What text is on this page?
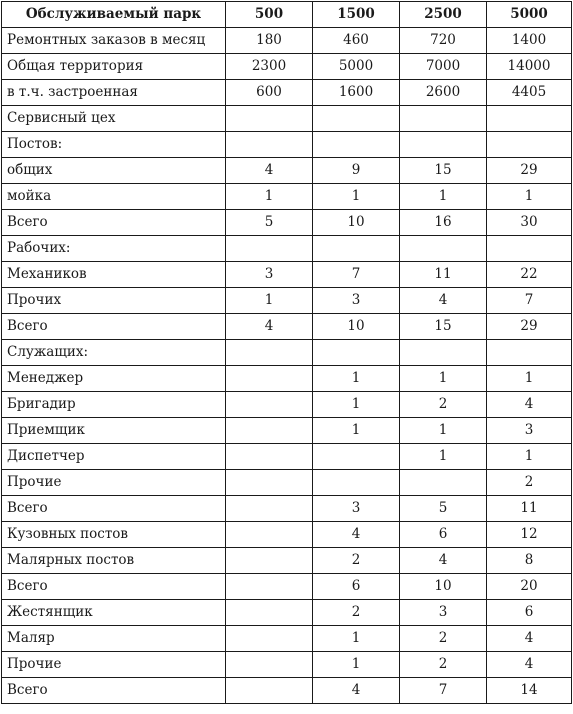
Обслуживаемый парк	500	1500	2500	5000
Ремонтных заказов в месяц	180	460	720	1400
Общая территория	2300	5000	7000	14000
в т.ч. застроенная	600	1600	2600	4405
Сервисный цех				
Постов:				
общих	4	9	15	29
мойка	1	1	1	1
Всего	5	10	16	30
Рабочих:				
Механиков	3	7	11	22
Прочих	1	3	4	7
Всего	4	10	15	29
Служащих:				
Менеджер		1	1	1
Бригадир		1	2	4
Приемщик		1	1	3
Диспетчер			1	1
Прочие				2
Всего		3	5	11
Кузовных постов		4	6	12
Малярных постов		2	4	8
Всего		6	10	20
Жестянщик		2	3	6
Маляр		1	2	4
Прочие		1	2	4
Всего		4	7	14
